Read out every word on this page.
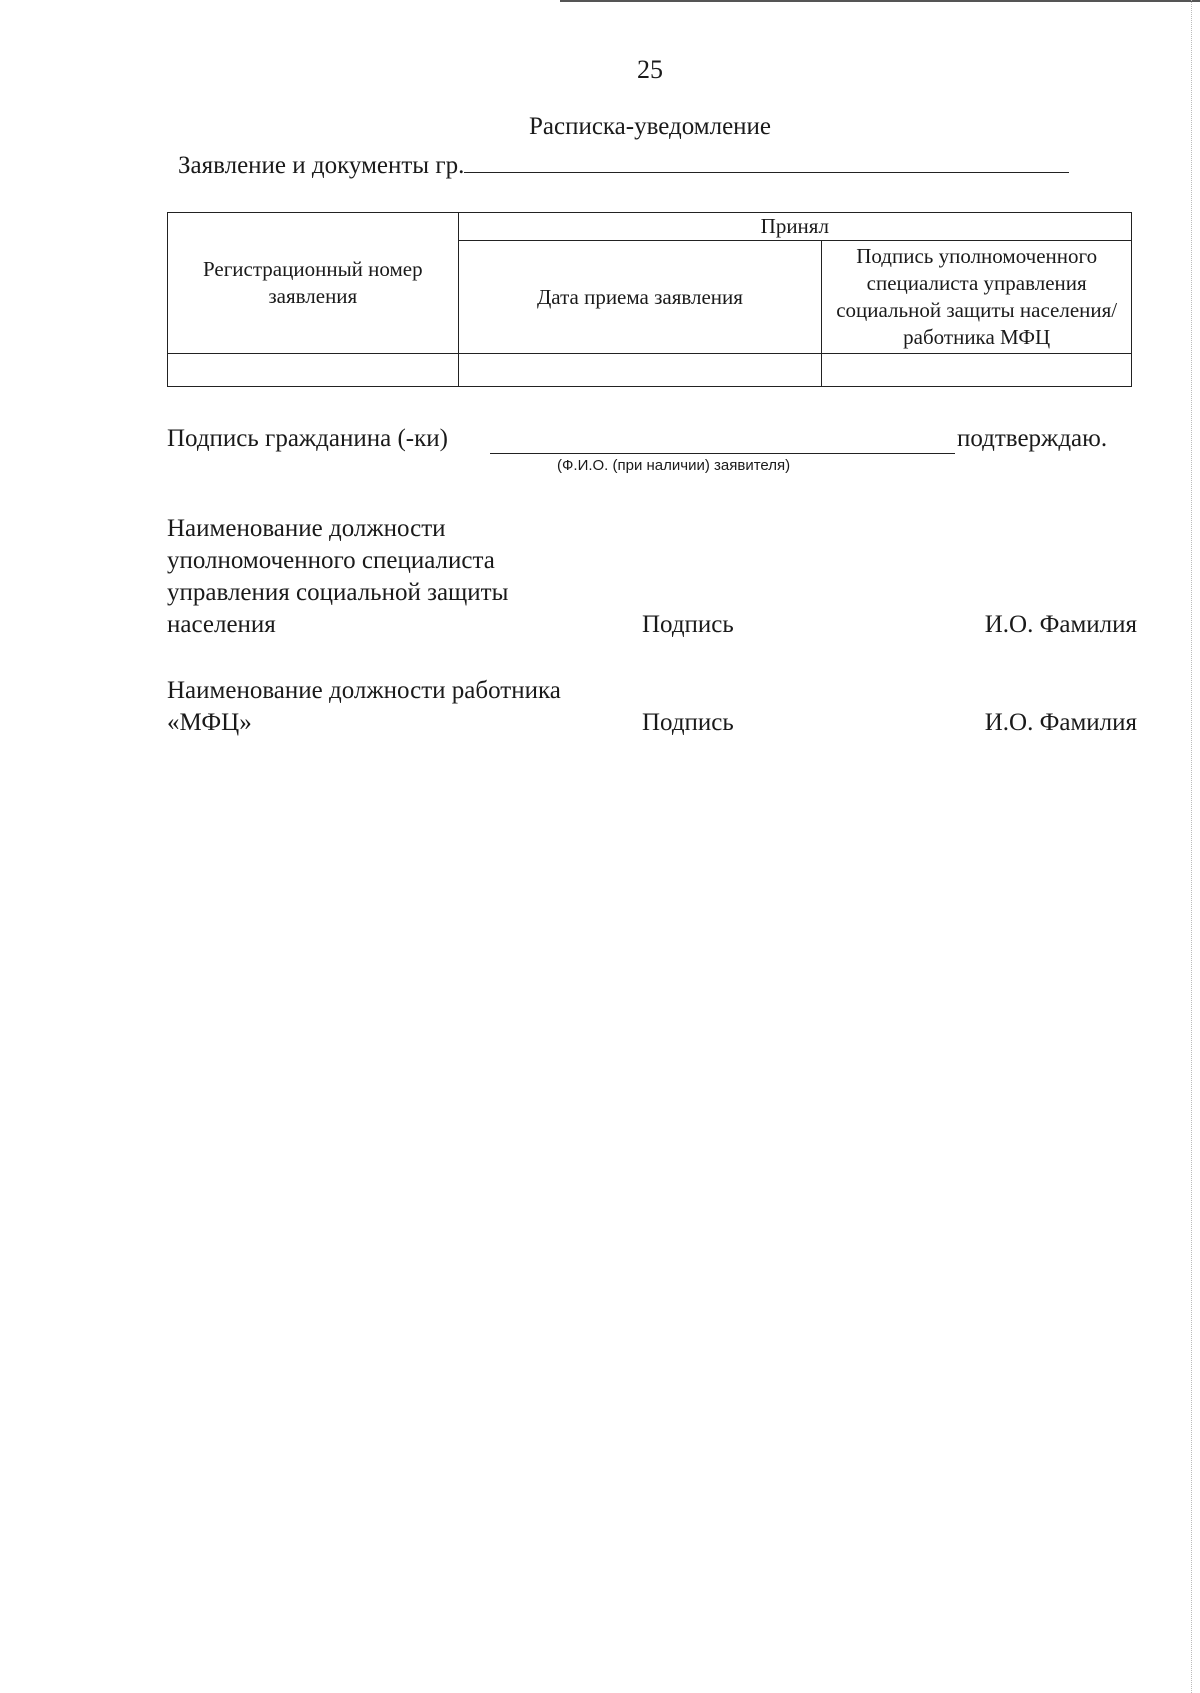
25
Расписка-уведомление
Заявление и документы гр.
Регистрационный номер заявления	Принял	
	Дата приема заявления	Подпись уполномоченного специалиста управления социальной защиты населения/работника МФЦ

Подпись гражданина (-ки)	подтверждаю.
(Ф.И.О. (при наличии) заявителя)
Наименование должности уполномоченного специалиста управления социальной защиты населения	Подпись	И.О. Фамилия
Наименование должности работника «МФЦ»	Подпись	И.О. Фамилия
